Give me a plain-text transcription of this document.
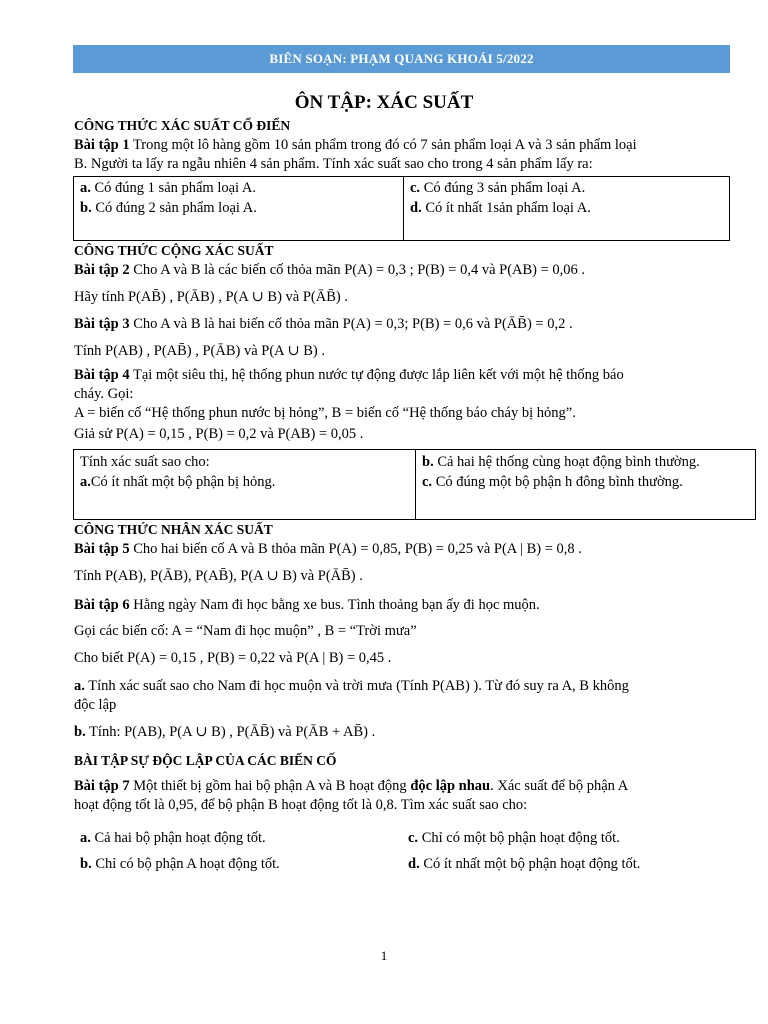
BIÊN SOẠN: PHẠM QUANG KHOÁI 5/2022
ÔN TẬP: XÁC SUẤT
CÔNG THỨC XÁC SUẤT CỔ ĐIỂN
Bài tập 1 Trong một lô hàng gồm 10 sản phẩm trong đó có 7 sản phẩm loại A và 3 sản phẩm loại
B. Người ta lấy ra ngẫu nhiên 4 sản phẩm. Tính xác suất sao cho trong 4 sản phẩm lấy ra:
a. Có đúng 1 sản phẩm loại A.
b. Có đúng 2 sản phẩm loại A.
c. Có đúng 3 sản phẩm loại A.
d. Có ít nhất 1sản phẩm loại A.
CÔNG THỨC CỘNG XÁC SUẤT
Bài tập 2 Cho A và B là các biến cố thỏa mãn P(A) = 0,3 ; P(B) = 0,4 và P(AB) = 0,06 .
Hãy tính P(AB̄) , P(ĀB) , P(A ∪ B) và P(ĀB̄) .
Bài tập 3 Cho A và B là hai biến cố thỏa mãn P(A) = 0,3; P(B) = 0,6 và P(ĀB̄) = 0,2 .
Tính P(AB) , P(AB̄) , P(ĀB) và P(A ∪ B) .
Bài tập 4 Tại một siêu thị, hệ thống phun nước tự động được lắp liên kết với một hệ thống báo
cháy. Gọi:
A = biến cố “Hệ thống phun nước bị hỏng”, B = biến cố “Hệ thống báo cháy bị hỏng”.
Giả sử P(A) = 0,15 , P(B) = 0,2 và P(AB) = 0,05 .
Tính xác suất sao cho:
a.Có ít nhất một bộ phận bị hỏng.
b. Cả hai hệ thống cùng hoạt động bình thường.
c. Có đúng một bộ phận h đông bình thường.
CÔNG THỨC NHÂN XÁC SUẤT
Bài tập 5 Cho hai biến cố A và B thỏa mãn P(A) = 0,85, P(B) = 0,25 và P(A | B) = 0,8 .
Tính P(AB), P(ĀB), P(AB̄), P(A ∪ B) và P(ĀB̄) .
Bài tập 6 Hằng ngày Nam đi học bằng xe bus. Tình thoảng bạn ấy đi học muộn.
Gọi các biến cố: A = “Nam đi học muộn” , B = “Trời mưa”
Cho biết P(A) = 0,15 , P(B) = 0,22 và P(A | B) = 0,45 .
a. Tính xác suất sao cho Nam đi học muộn và trời mưa (Tính P(AB) ). Từ đó suy ra A, B không
độc lập
b. Tính: P(AB), P(A ∪ B) , P(ĀB̄) và P(ĀB + AB̄) .
BÀI TẬP SỰ ĐỘC LẬP CỦA CÁC BIẾN CỐ
Bài tập 7 Một thiết bị gồm hai bộ phận A và B hoạt động độc lập nhau. Xác suất để bộ phận A
hoạt động tốt là 0,95, để bộ phận B hoạt động tốt là 0,8. Tìm xác suất sao cho:
a. Cả hai bộ phận hoạt động tốt.	c. Chỉ có một bộ phận hoạt động tốt.
b. Chỉ có bộ phận A hoạt động tốt.	d. Có ít nhất một bộ phận hoạt động tốt.
1
